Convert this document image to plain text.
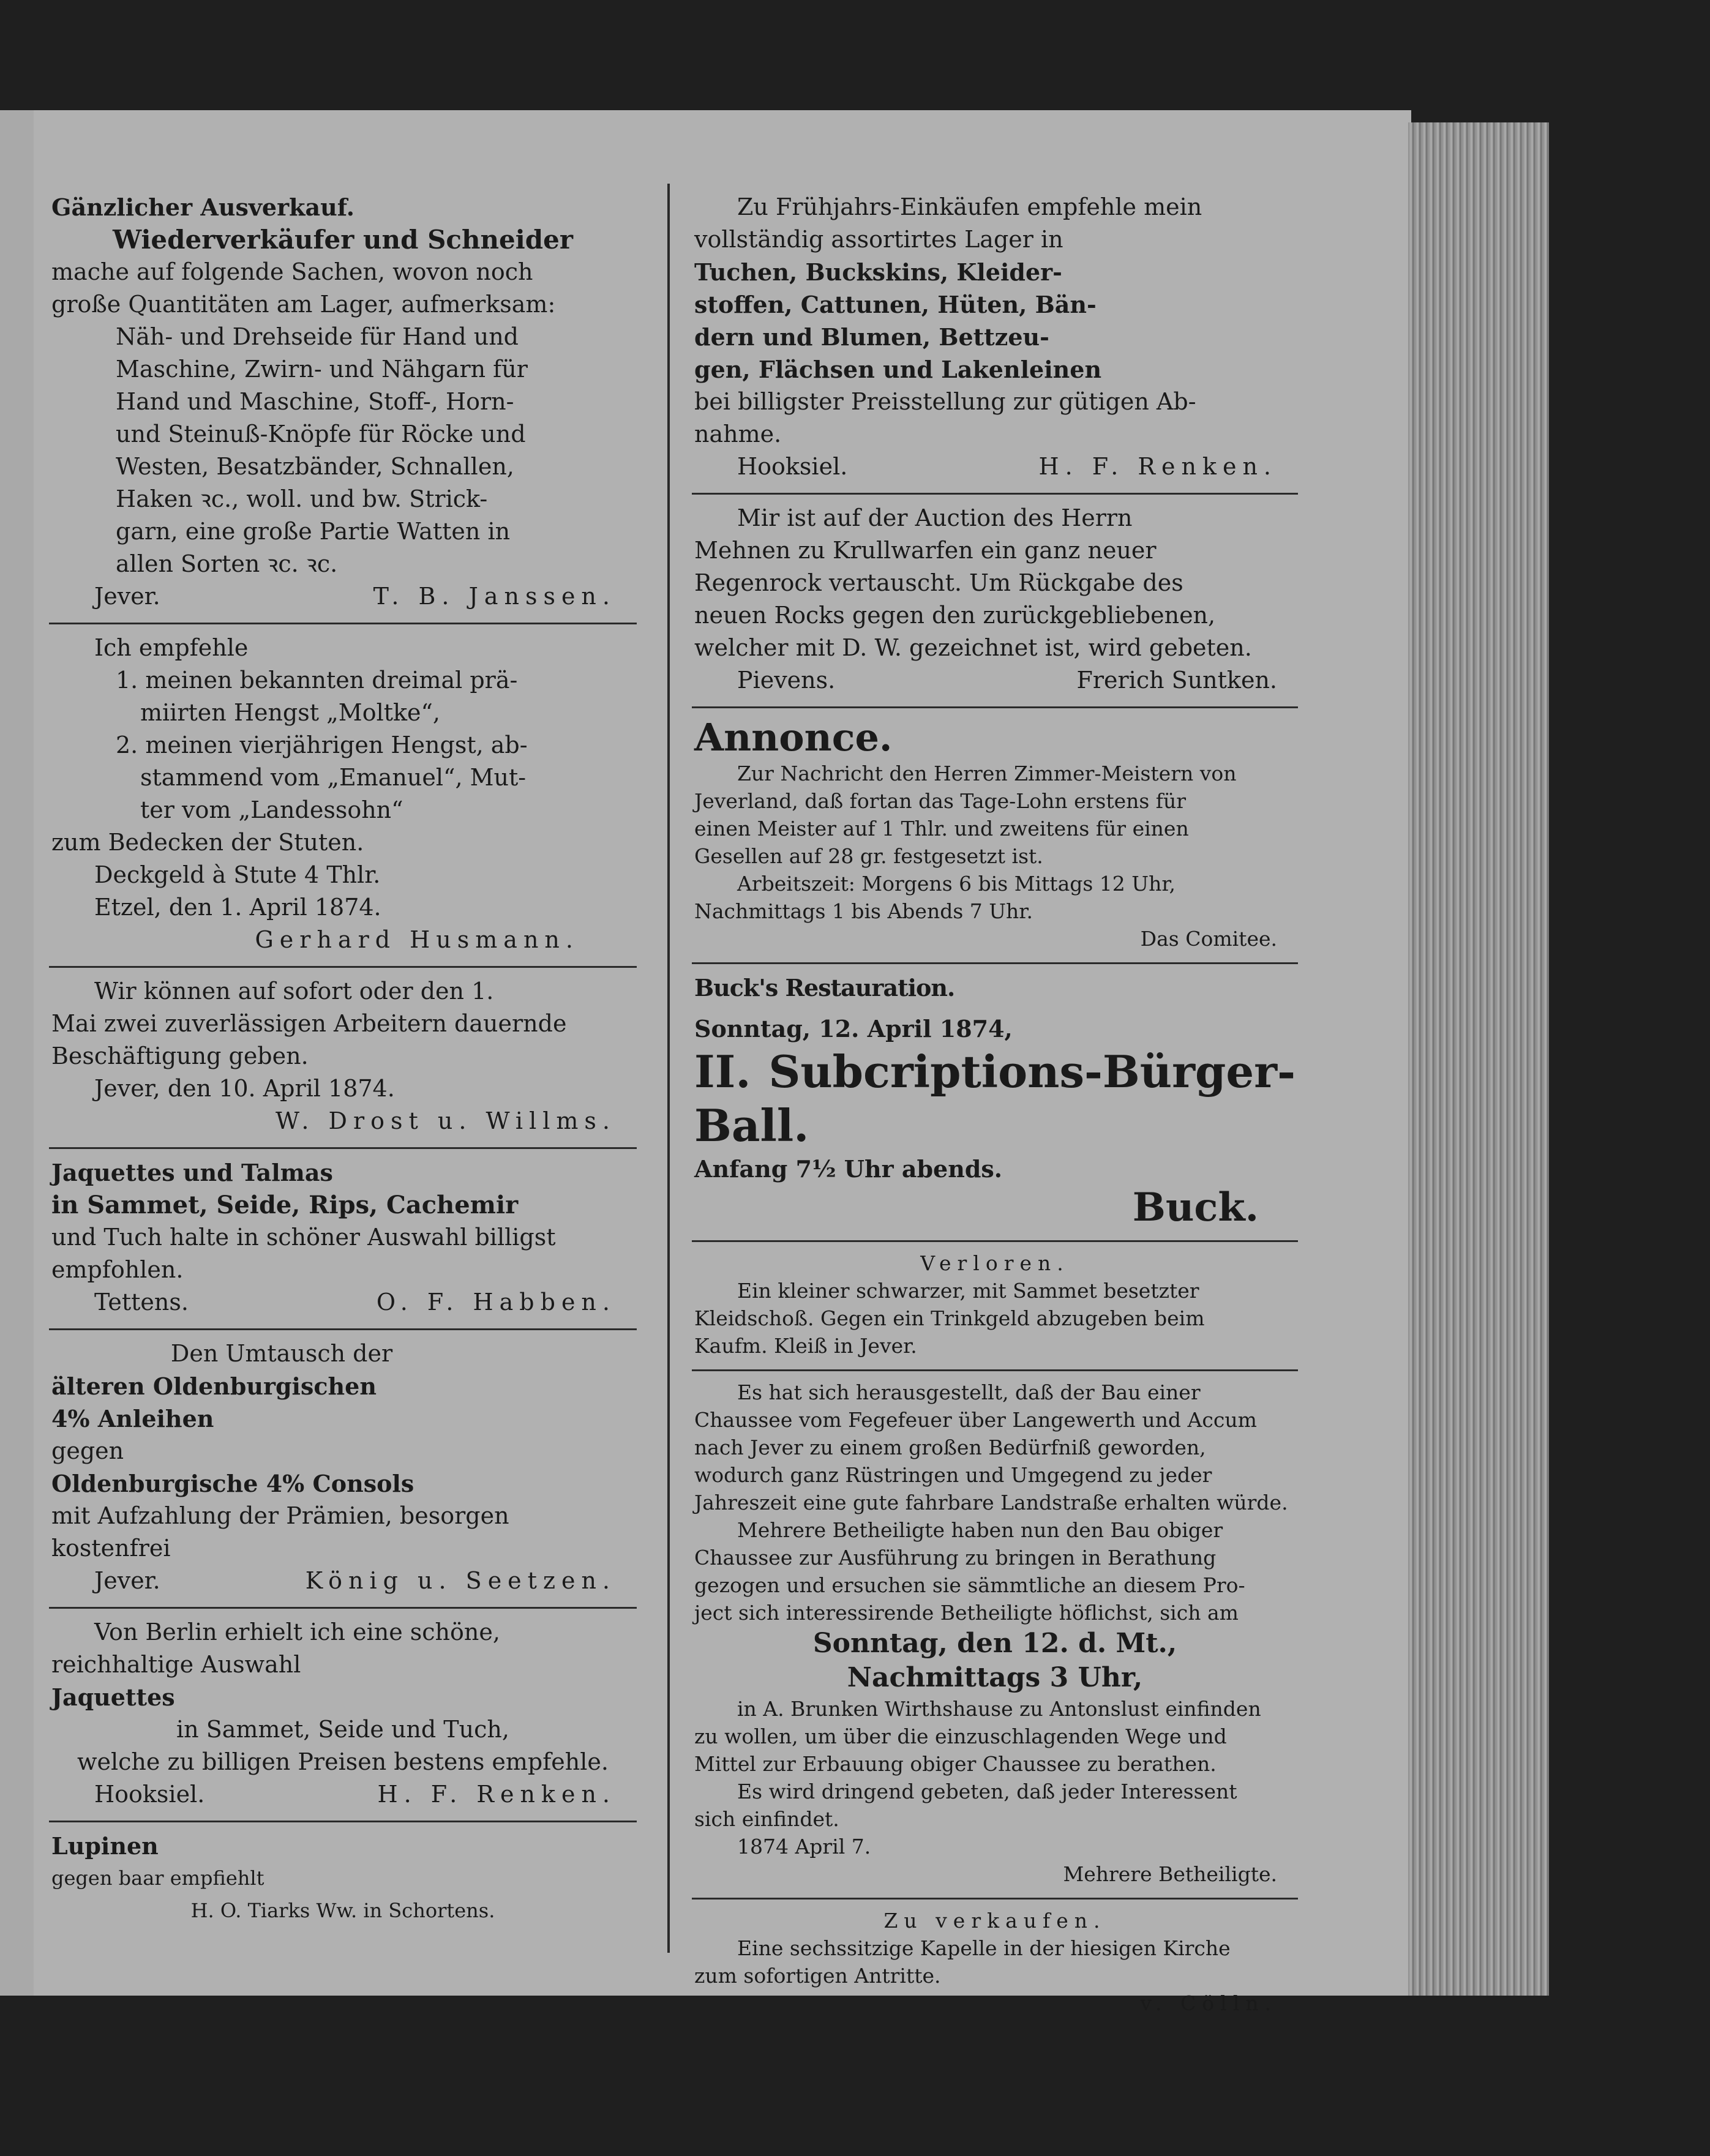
Gänzlicher Ausverkauf.

Wiederverkäufer und Schneider

mache auf folgende Sachen, wovon noch

große Quantitäten am Lager, aufmerksam:

Näh- und Drehseide für Hand und

Maschine, Zwirn- und Nähgarn für

Hand und Maschine, Stoff-, Horn-

und Steinuß-Knöpfe für Röcke und

Westen, Besatzbänder, Schnallen,

Haken ꝛc., woll. und bw. Strick-

garn, eine große Partie Watten in

allen Sorten ꝛc. ꝛc.

Jever.	T. B. Janssen.

Ich empfehle

1. meinen bekannten dreimal prä-

miirten Hengst „Moltke“,

2. meinen vierjährigen Hengst, ab-

stammend vom „Emanuel“, Mut-

ter vom „Landessohn“

zum Bedecken der Stuten.

Deckgeld à Stute 4 Thlr.

Etzel, den 1. April 1874.

Gerhard Husmann.

Wir können auf sofort oder den 1.

Mai zwei zuverlässigen Arbeitern dauernde

Beschäftigung geben.

Jever, den 10. April 1874.

W. Drost u. Willms.

Jaquettes und Talmas

in Sammet, Seide, Rips, Cachemir

und Tuch halte in schöner Auswahl billigst

empfohlen.

Tettens.	O. F. Habben.

Den Umtausch der

älteren Oldenburgischen

4% Anleihen

gegen

Oldenburgische 4% Consols

mit Aufzahlung der Prämien, besorgen

kostenfrei

Jever.	König u. Seetzen.

Von Berlin erhielt ich eine schöne,

reichhaltige Auswahl

Jaquettes

in Sammet, Seide und Tuch,

welche zu billigen Preisen bestens empfehle.

Hooksiel.	H. F. Renken.

Lupinen

gegen baar empfiehlt

H. O. Tiarks Ww. in Schortens.

Zu Frühjahrs-Einkäufen empfehle mein

vollständig assortirtes Lager in

Tuchen, Buckskins, Kleider-

stoffen, Cattunen, Hüten, Bän-

dern und Blumen, Bettzeu-

gen, Flächsen und Lakenleinen

bei billigster Preisstellung zur gütigen Ab-

nahme.

Hooksiel.	H. F. Renken.

Mir ist auf der Auction des Herrn

Mehnen zu Krullwarfen ein ganz neuer

Regenrock vertauscht. Um Rückgabe des

neuen Rocks gegen den zurückgebliebenen,

welcher mit D. W. gezeichnet ist, wird gebeten.

Pievens.	Frerich Suntken.

Annonce.

Zur Nachricht den Herren Zimmer-Meistern von

Jeverland, daß fortan das Tage-Lohn erstens für

einen Meister auf 1 Thlr. und zweitens für einen

Gesellen auf 28 gr. festgesetzt ist.

Arbeitszeit: Morgens 6 bis Mittags 12 Uhr,

Nachmittags 1 bis Abends 7 Uhr.

Das Comitee.

Buck's Restauration.

Sonntag, 12. April 1874,

II. Subcriptions-Bürger-Ball.

Anfang 7½ Uhr abends.

Buck.

Verloren.

Ein kleiner schwarzer, mit Sammet besetzter

Kleidschoß. Gegen ein Trinkgeld abzugeben beim

Kaufm. Kleiß in Jever.

Es hat sich herausgestellt, daß der Bau einer

Chaussee vom Fegefeuer über Langewerth und Accum

nach Jever zu einem großen Bedürfniß geworden,

wodurch ganz Rüstringen und Umgegend zu jeder

Jahreszeit eine gute fahrbare Landstraße erhalten würde.

Mehrere Betheiligte haben nun den Bau obiger

Chaussee zur Ausführung zu bringen in Berathung

gezogen und ersuchen sie sämmtliche an diesem Pro-

ject sich interessirende Betheiligte höflichst, sich am

Sonntag, den 12. d. Mt.,

Nachmittags 3 Uhr,

in A. Brunken Wirthshause zu Antonslust einfinden

zu wollen, um über die einzuschlagenden Wege und

Mittel zur Erbauung obiger Chaussee zu berathen.

Es wird dringend gebeten, daß jeder Interessent

sich einfindet.

1874 April 7.

Mehrere Betheiligte.

Zu verkaufen.

Eine sechssitzige Kapelle in der hiesigen Kirche

zum sofortigen Antritte.

v. Cölln.
